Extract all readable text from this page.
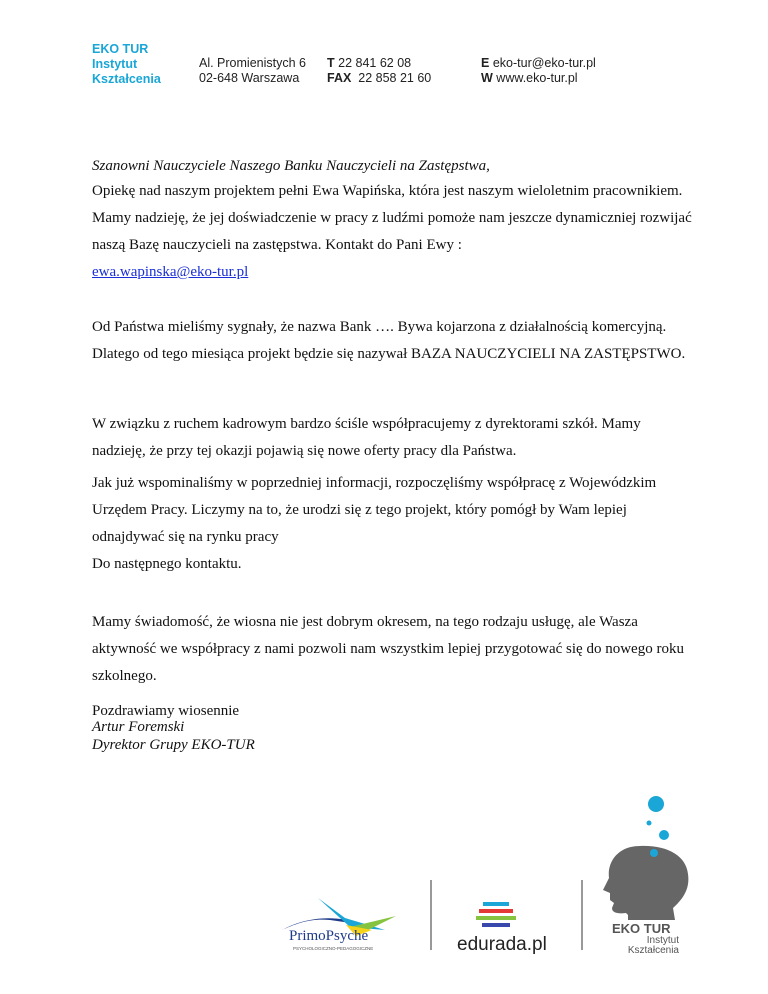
EKO TUR
Instytut
Kształcenia
Al. Promienistych 6
02-648 Warszawa
T 22 841 62 08
FAX 22 858 21 60
E eko-tur@eko-tur.pl
W www.eko-tur.pl

Szanowni Nauczyciele Naszego Banku Nauczycieli na Zastępstwa,

Opiekę nad naszym projektem pełni Ewa Wapińska, która jest naszym wieloletnim pracownikiem. Mamy nadzieję, że jej doświadczenie w pracy z ludźmi pomoże nam jeszcze dynamiczniej rozwijać naszą Bazę nauczycieli na zastępstwa. Kontakt do Pani Ewy :
ewa.wapinska@eko-tur.pl

Od Państwa mieliśmy sygnały, że nazwa Bank …. Bywa kojarzona z działalnością komercyjną. Dlatego od tego miesiąca projekt będzie się nazywał BAZA NAUCZYCIELI NA ZASTĘPSTWO.

W związku z ruchem kadrowym bardzo ściśle współpracujemy z dyrektorami szkół. Mamy nadzieję, że przy tej okazji pojawią się nowe oferty pracy dla Państwa.

Jak już wspominaliśmy w poprzedniej informacji, rozpoczęliśmy współpracę z Wojewódzkim Urzędem Pracy. Liczymy na to, że urodzi się z tego projekt, który pomógł by Wam lepiej odnajdywać się na rynku pracy
Do następnego kontaktu.

Mamy świadomość, że wiosna nie jest dobrym okresem, na tego rodzaju usługę, ale Wasza aktywność we współpracy z nami pozwoli nam wszystkim lepiej przygotować się do nowego roku szkolnego.

Pozdrawiamy wiosennie

Artur Foremski
Dyrektor Grupy EKO-TUR
PrimoPsyche
PSYCHOLOGICZNO-PEDAGOGICZNE	edurada.pl
EKO TUR
Instytut
Kształcenia
